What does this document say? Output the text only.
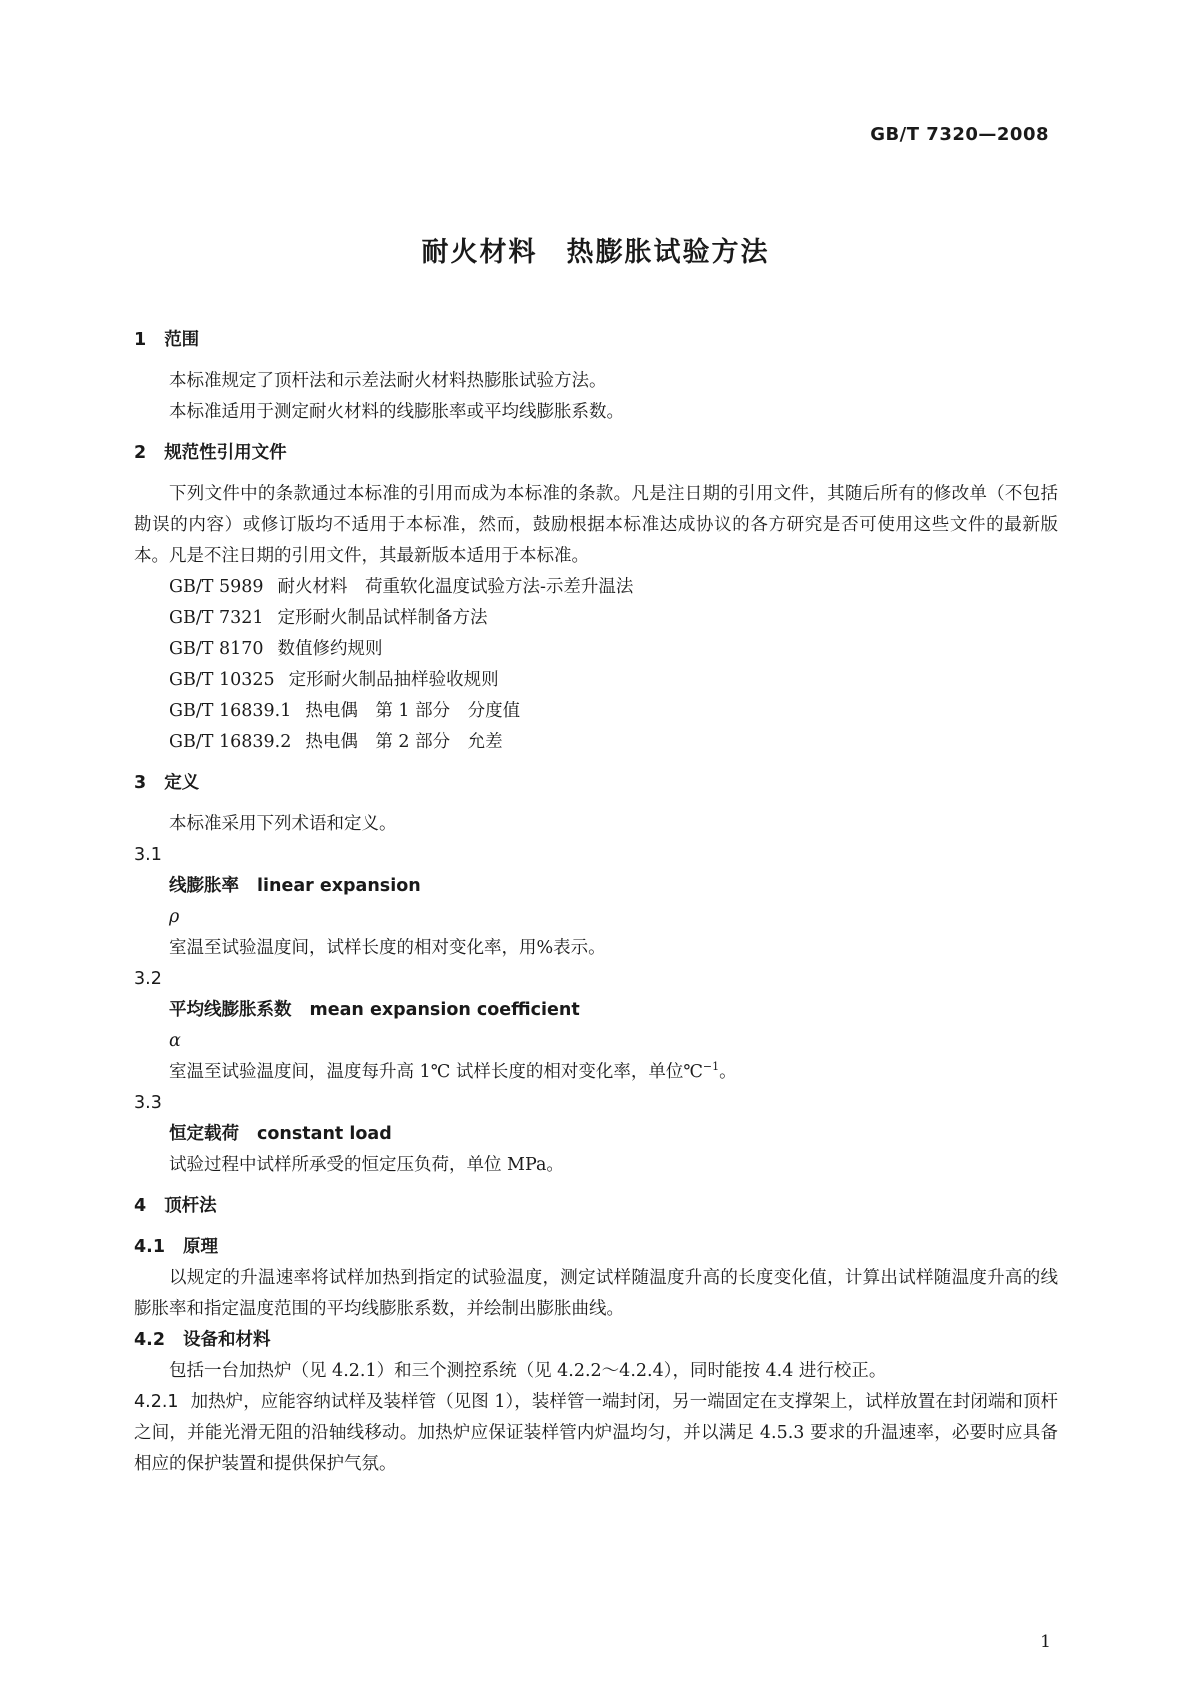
GB/T 7320—2008
耐火材料　热膨胀试验方法
1 范围
本标准规定了顶杆法和示差法耐火材料热膨胀试验方法。
本标准适用于测定耐火材料的线膨胀率或平均线膨胀系数。
2 规范性引用文件
下列文件中的条款通过本标准的引用而成为本标准的条款。凡是注日期的引用文件，其随后所有的修改单（不包括勘误的内容）或修订版均不适用于本标准，然而，鼓励根据本标准达成协议的各方研究是否可使用这些文件的最新版本。凡是不注日期的引用文件，其最新版本适用于本标准。
GB/T 5989 耐火材料　荷重软化温度试验方法-示差升温法
GB/T 7321 定形耐火制品试样制备方法
GB/T 8170 数值修约规则
GB/T 10325 定形耐火制品抽样验收规则
GB/T 16839.1 热电偶　第 1 部分　分度值
GB/T 16839.2 热电偶　第 2 部分　允差
3 定义
本标准采用下列术语和定义。
3.1
线膨胀率 linear expansion
ρ
室温至试验温度间，试样长度的相对变化率，用%表示。
3.2
平均线膨胀系数 mean expansion coefficient
α
室温至试验温度间，温度每升高 1℃ 试样长度的相对变化率，单位℃$^{-1}$。
3.3
恒定载荷 constant load
试验过程中试样所承受的恒定压负荷，单位 MPa。
4 顶杆法
4.1 原理
以规定的升温速率将试样加热到指定的试验温度，测定试样随温度升高的长度变化值，计算出试样随温度升高的线膨胀率和指定温度范围的平均线膨胀系数，并绘制出膨胀曲线。
4.2 设备和材料
包括一台加热炉（见 4.2.1）和三个测控系统（见 4.2.2～4.2.4），同时能按 4.4 进行校正。
4.2.1 加热炉，应能容纳试样及装样管（见图 1），装样管一端封闭，另一端固定在支撑架上，试样放置在封闭端和顶杆之间，并能光滑无阻的沿轴线移动。加热炉应保证装样管内炉温均匀，并以满足 4.5.3 要求的升温速率，必要时应具备相应的保护装置和提供保护气氛。
1
